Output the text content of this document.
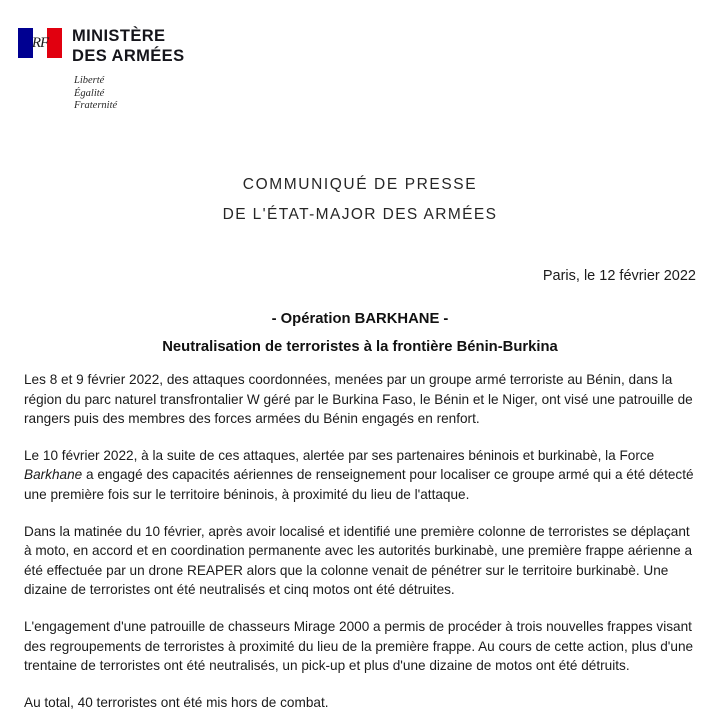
RF MINISTÈRE
DES ARMÉES
Liberté
Égalité
Fraternité
COMMUNIQUÉ DE PRESSE
DE L'ÉTAT-MAJOR DES ARMÉES
Paris, le 12 février 2022
- Opération BARKHANE -
Neutralisation de terroristes à la frontière Bénin-Burkina

Les 8 et 9 février 2022, des attaques coordonnées, menées par un groupe armé terroriste au Bénin, dans la région du parc naturel transfrontalier W géré par le Burkina Faso, le Bénin et le Niger, ont visé une patrouille de rangers puis des membres des forces armées du Bénin engagés en renfort.

Le 10 février 2022, à la suite de ces attaques, alertée par ses partenaires béninois et burkinabè, la Force Barkhane a engagé des capacités aériennes de renseignement pour localiser ce groupe armé qui a été détecté une première fois sur le territoire béninois, à proximité du lieu de l'attaque.

Dans la matinée du 10 février, après avoir localisé et identifié une première colonne de terroristes se déplaçant à moto, en accord et en coordination permanente avec les autorités burkinabè, une première frappe aérienne a été effectuée par un drone REAPER alors que la colonne venait de pénétrer sur le territoire burkinabè. Une dizaine de terroristes ont été neutralisés et cinq motos ont été détruites.

L'engagement d'une patrouille de chasseurs Mirage 2000 a permis de procéder à trois nouvelles frappes visant des regroupements de terroristes à proximité du lieu de la première frappe. Au cours de cette action, plus d'une trentaine de terroristes ont été neutralisés, un pick-up et plus d'une dizaine de motos ont été détruits.

Au total, 40 terroristes ont été mis hors de combat.
